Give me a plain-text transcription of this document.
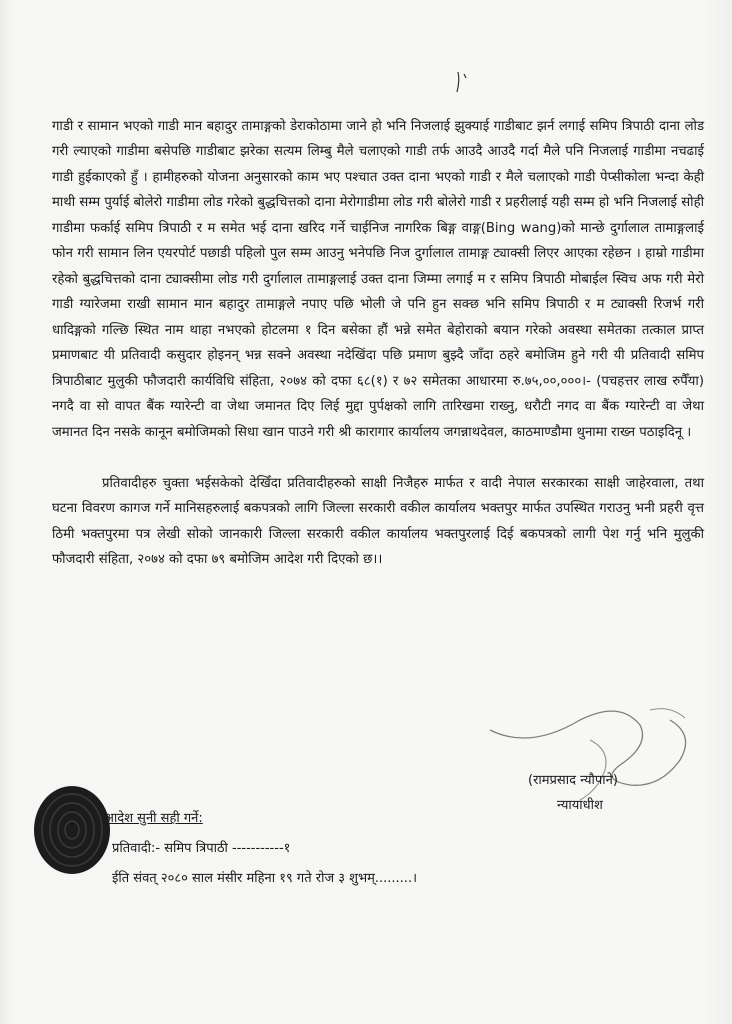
गाडी र सामान भएको गाडी मान बहादुर तामाङ्गको डेराकोठामा जाने हो भनि निजलाई झुक्याई गाडीबाट झर्न लगाई समिप त्रिपाठी दाना लोड गरी ल्याएको गाडीमा बसेपछि गाडीबाट झरेका सत्यम लिम्बु मैले चलाएको गाडी तर्फ आउदै आउदै गर्दा मैले पनि निजलाई गाडीमा नचढाई गाडी हुईकाएको हुँ । हामीहरुको योजना अनुसारको काम भए पश्चात उक्त दाना भएको गाडी र मैले चलाएको गाडी पेप्सीकोला भन्दा केही माथी सम्म पुर्याई बोलेरो गाडीमा लोड गरेको बुद्धचित्तको दाना मेरोगाडीमा लोड गरी बोलेरो गाडी र प्रहरीलाई यही सम्म हो भनि निजलाई सोही गाडीमा फर्काई समिप त्रिपाठी र म समेत भई दाना खरिद गर्ने चाईनिज नागरिक बिङ्ग वाङ्ग(Bing wang)को मान्छे दुर्गालाल तामाङ्गलाई फोन गरी सामान लिन एयरपोर्ट पछाडी पहिलो पुल सम्म आउनु भनेपछि निज दुर्गालाल तामाङ्ग ट्याक्सी लिएर आएका रहेछन । हाम्रो गाडीमा रहेको बुद्धचित्तको दाना ट्याक्सीमा लोड गरी दुर्गालाल तामाङ्गलाई उक्त दाना जिम्मा लगाई म र समिप त्रिपाठी मोबाईल स्विच अफ गरी मेरो गाडी ग्यारेजमा राखी सामान मान बहादुर तामाङ्गले नपाए पछि भोली जे पनि हुन सक्छ भनि समिप त्रिपाठी र म ट्याक्सी रिजर्भ गरी धादिङ्गको गल्छि स्थित नाम थाहा नभएको होटलमा १ दिन बसेका हौं भन्ने समेत बेहोराको बयान गरेको अवस्था समेतका तत्काल प्राप्त प्रमाणबाट यी प्रतिवादी कसुदार होइनन् भन्न सक्ने अवस्था नदेखिंदा पछि प्रमाण बुझ्दै जाँदा ठहरे बमोजिम हुने गरी यी प्रतिवादी समिप त्रिपाठीबाट मुलुकी फौजदारी कार्यविधि संहिता, २०७४ को दफा ६८(१) र ७२ समेतका आधारमा रु.७५,००,०००।- (पचहत्तर लाख रुपैँया) नगदै वा सो वापत बैंक ग्यारेन्टी वा जेथा जमानत दिए लिई मुद्दा पुर्पक्षको लागि तारिखमा राख्नु, धरौटी नगद वा बैंक ग्यारेन्टी वा जेथा जमानत दिन नसके कानून बमोजिमको सिधा खान पाउने गरी श्री कारागार कार्यालय जगन्नाथदेवल, काठमाण्डौमा थुनामा राख्न पठाइदिनू ।

प्रतिवादीहरु चुक्ता भईसकेको देखिँदा प्रतिवादीहरुको साक्षी निजैहरु मार्फत र वादी नेपाल सरकारका साक्षी जाहेरवाला, तथा घटना विवरण कागज गर्ने मानिसहरुलाई बकपत्रको लागि जिल्ला सरकारी वकील कार्यालय भक्तपुर मार्फत उपस्थित गराउनु भनी प्रहरी वृत्त ठिमी भक्तपुरमा पत्र लेखी सोको जानकारी जिल्ला सरकारी वकील कार्यालय भक्तपुरलाई दिई बकपत्रको लागी पेश गर्नु भनि मुलुकी फौजदारी संहिता, २०७४ को दफा ७९ बमोजिम आदेश गरी दिएको छ।।

(रामप्रसाद न्यौपाने)
न्यायाधीश
आदेश सुनी सही गर्ने:
प्रतिवादी:- समिप त्रिपाठी -----------१
ईति संवत् २०८० साल मंसीर महिना १९ गते रोज ३ शुभम्.........।
